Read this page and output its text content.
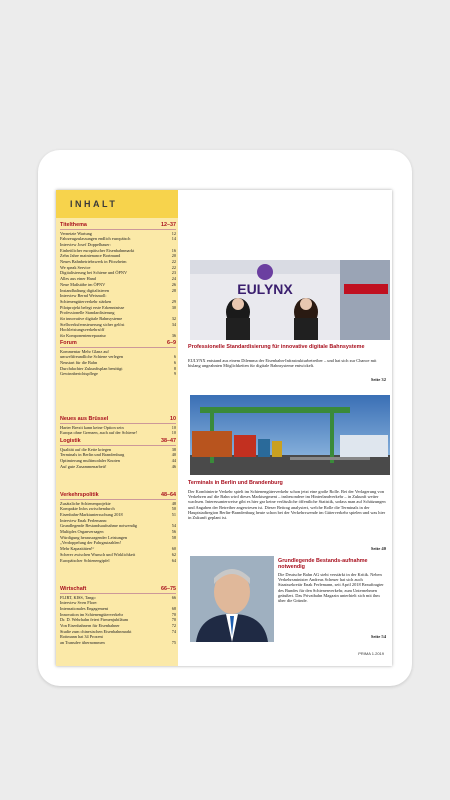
INHALT
Titelthema	12–37
Vernetzte Wartung	12
Fahrzeugzulassungen endlich europäisch	14
Interview Josef Doppelbauer:
Einheitlicher europäischer Eisenbahnmarkt	16
Zehn Jahre maintenance Bortmund	20
Neues Bahnbetriebswerk in Pforzheim	22
We speak Service	22
Digitalisierung bei Schiene und ÖPNV	23
Alles aus einer Hand	24
Neue Maßstäbe im ÖPNV	26
Instandhaltung digitalisieren	28
Interview Bernd Weismoll:
Schienengüterverkehr stärken	29
Pilotprojekt belegt erste Erkenntnisse	30
Professionelle Standardisierung
für innovative digitale Bahnsysteme	32
Stellwerksfernsteuerung sicher gelöst	34
Hochleistungsverkehrsöff
für Komponentenreparatur	36
Forum	6–9
Kommentar Mehr Glanz auf
umweltfreundliche Schiene verlegen	6
Neustart für die Bahn	6
Durchdachter Zukunftsplan benötigt	8
Gewinnberichtspflege	9
Neues aus Brüssel	10
Harter Brexit kann keine Option sein	10
Europa ohne Grenzen, auch auf der Schiene!	10
Logistik	38–47
Qualität auf die Kette kriegen	38
Terminals in Berlin und Brandenburg	40
Optimierung multimodaler Knoten	44
Auf gute Zusammenarbeit!	46
Verkehrspolitik	48–64
Zusätzliche Schienenprojekte	48
Kompakte Infos zwischendurch	50
Eisenbahn-Marktuntersuchung 2018	51
Interview Enak Ferlemann:
Grundlegende Bestandsaufnahme notwendig	54
Multiples Organversagen	56
Würdigung herausragender Leistungen	58
„Verdoppelung der Fahrgastzahlen!
Mehr Kapazitäten!“	60
Scherer zwischen Wunsch und Wirklichkeit	62
Europäischer Schienengipfel	64
Wirtschaft	66–75
FLIRT, KISS, Tango	66
Interview Sven Flore:
Internationales Engagement	68
Innovation im Schienengüterverkehr	70
Dr. D. Wehrhahn feiert Firmenjubiläum	70
Von Eisenbahnern für Eisenbahner	72
Studie zum chinesischen Eisenbahnmarkt	74
Rottmann hat 34 Prozent
an Transdev übernommen	75
EULYNX
Professionelle Standardisierung für innovative digitale Bahnsysteme
EULYNX entstand aus einem Dilemma der Eisenbahn-Infrastrukturbetreiber – und hat sich zur Chance mit bislang ungeahnten Möglichkeiten für digitale Bahnsysteme entwickelt.
Seite 32
Terminals in Berlin und Brandenburg
Der Kombinierte Verkehr spielt im Schienengüterverkehr schon jetzt eine große Rolle. Bei der Verlagerung von Verkehren auf die Bahn wird dieses Marktsegment – insbesondere im Hinterlandverkehr – in Zukunft weiter wachsen. Interessanterweise gibt es hier gar keine verlässliche öffentliche Statistik, sodass man auf Schätzungen und Angaben der Betreiber angewiesen ist. Dieser Beitrag analysiert, welche Rolle die Terminals in der Hauptstadtregion Berlin-Brandenburg heute schon bei der Verkehrswende im Güterverkehr spielen und was hier in Zukunft geplant ist.
Seite 40
Grundlegende Bestands-aufnahme notwendig
Die Deutsche Bahn AG steht verstärkt in der Kritik. Neben Verkehrsminister Andreas Scheuer hat sich auch Staatssekretär Enak Ferlemann, seit April 2018 Beauftragter des Bundes für den Schienenverkehr, zum Unternehmen geäußert. Das Privatbahn Magazin unterhielt sich mit ihm über die Gründe.
Seite 54
PRIMA 1.2019
